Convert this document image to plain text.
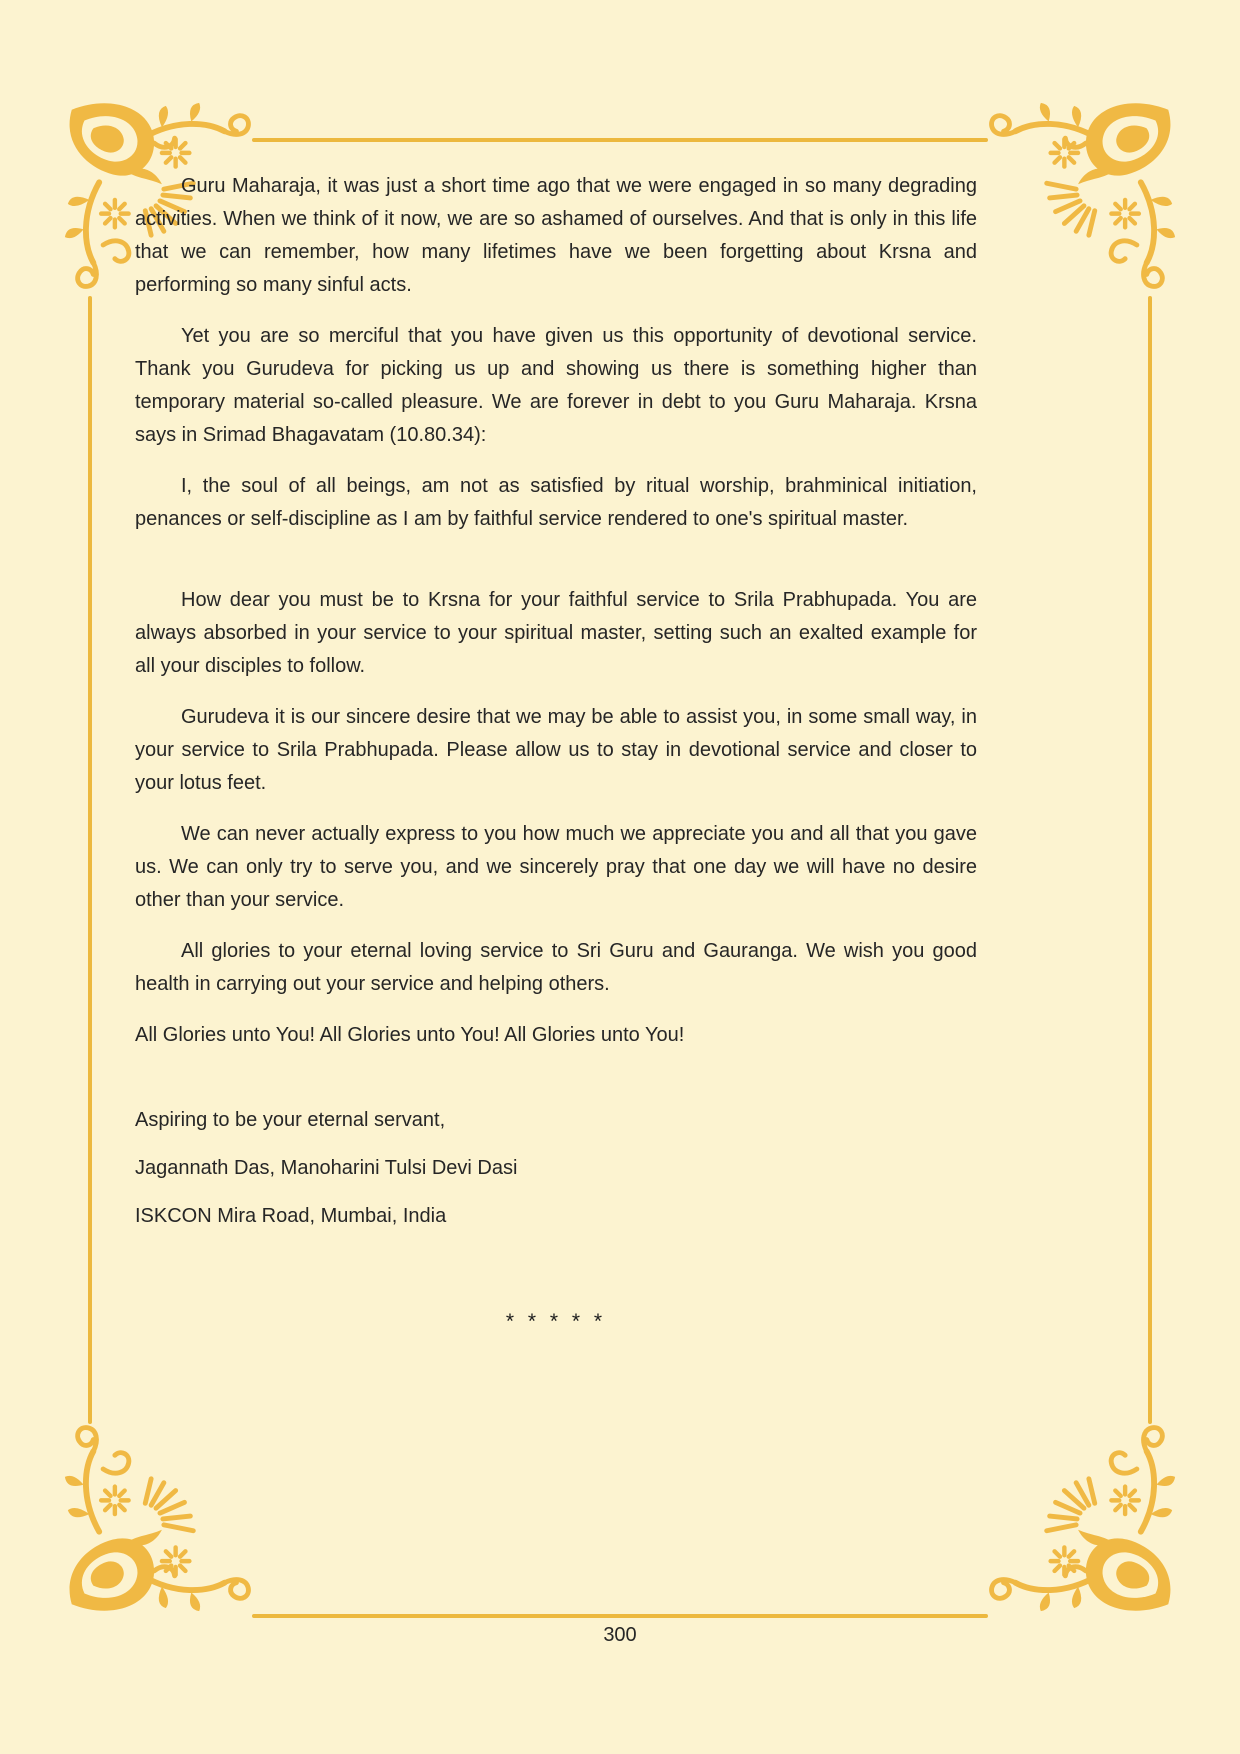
Guru Maharaja, it was just a short time ago that we were engaged in so many degrading activities. When we think of it now, we are so ashamed of ourselves. And that is only in this life that we can remember, how many lifetimes have we been forgetting about Krsna and performing so many sinful acts.

Yet you are so merciful that you have given us this opportunity of devotional service. Thank you Gurudeva for picking us up and showing us there is something higher than temporary material so-called pleasure. We are forever in debt to you Guru Maharaja. Krsna says in Srimad Bhagavatam (10.80.34):

I, the soul of all beings, am not as satisfied by ritual worship, brahminical initiation, penances or self-discipline as I am by faithful service rendered to one's spiritual master.

How dear you must be to Krsna for your faithful service to Srila Prabhupada. You are always absorbed in your service to your spiritual master, setting such an exalted example for all your disciples to follow.

Gurudeva it is our sincere desire that we may be able to assist you, in some small way, in your service to Srila Prabhupada. Please allow us to stay in devotional service and closer to your lotus feet.

We can never actually express to you how much we appreciate you and all that you gave us. We can only try to serve you, and we sincerely pray that one day we will have no desire other than your service.

All glories to your eternal loving service to Sri Guru and Gauranga. We wish you good health in carrying out your service and helping others.

All Glories unto You! All Glories unto You! All Glories unto You!

Aspiring to be your eternal servant,

Jagannath Das, Manoharini Tulsi Devi Dasi

ISKCON Mira Road, Mumbai, India

* * * * *
300
